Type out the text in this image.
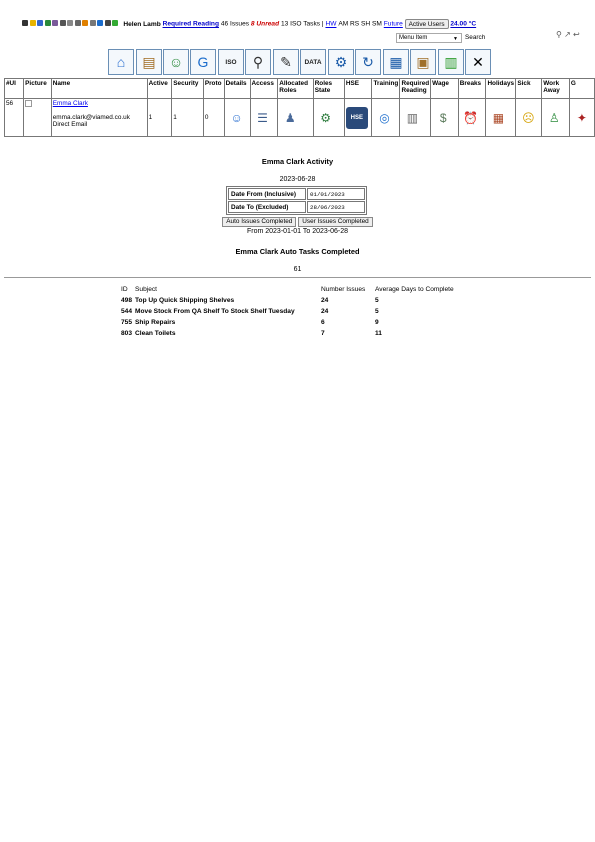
Helen Lamb Required Reading 46 Issues 8 Unread 13 ISO Tasks | HW AM RS SH SM Future Active Users 24.00 °C
Menu Item	▼ Search	⚲ ↗ ↩
⌂	▤ ☺	G	ISO	⚲	✎	DATA ⚙	↻	▦ ▣	▥	✕
#UI	Picture	Name	Active	Security	Proto	Details	Access	Allocated Roles	Roles State	HSE	Training	Required Reading	Wage	Breaks	Holidays	Sick	Work Away	G
56		Emma Clark

emma.clark@viamed.co.uk
Direct Email	1	1	0	☺	☰	♟	⚙	HSE	◎	▥	$	⏰	▦	☹	♙	✦
Emma Clark Activity
2023-06-28
Date From (Inclusive)	01/01/2023
Date To (Excluded)	28/06/2023
Auto Issues Completed User Issues Completed
From 2023-01-01 To 2023-06-28
Emma Clark Auto Tasks Completed
61
ID	Subject	Number Issues	Average Days to Complete
498	Top Up Quick Shipping Shelves	24	5
544	Move Stock From QA Shelf To Stock Shelf Tuesday	24	5
755	Ship Repairs	6	9
803	Clean Toilets	7	11
